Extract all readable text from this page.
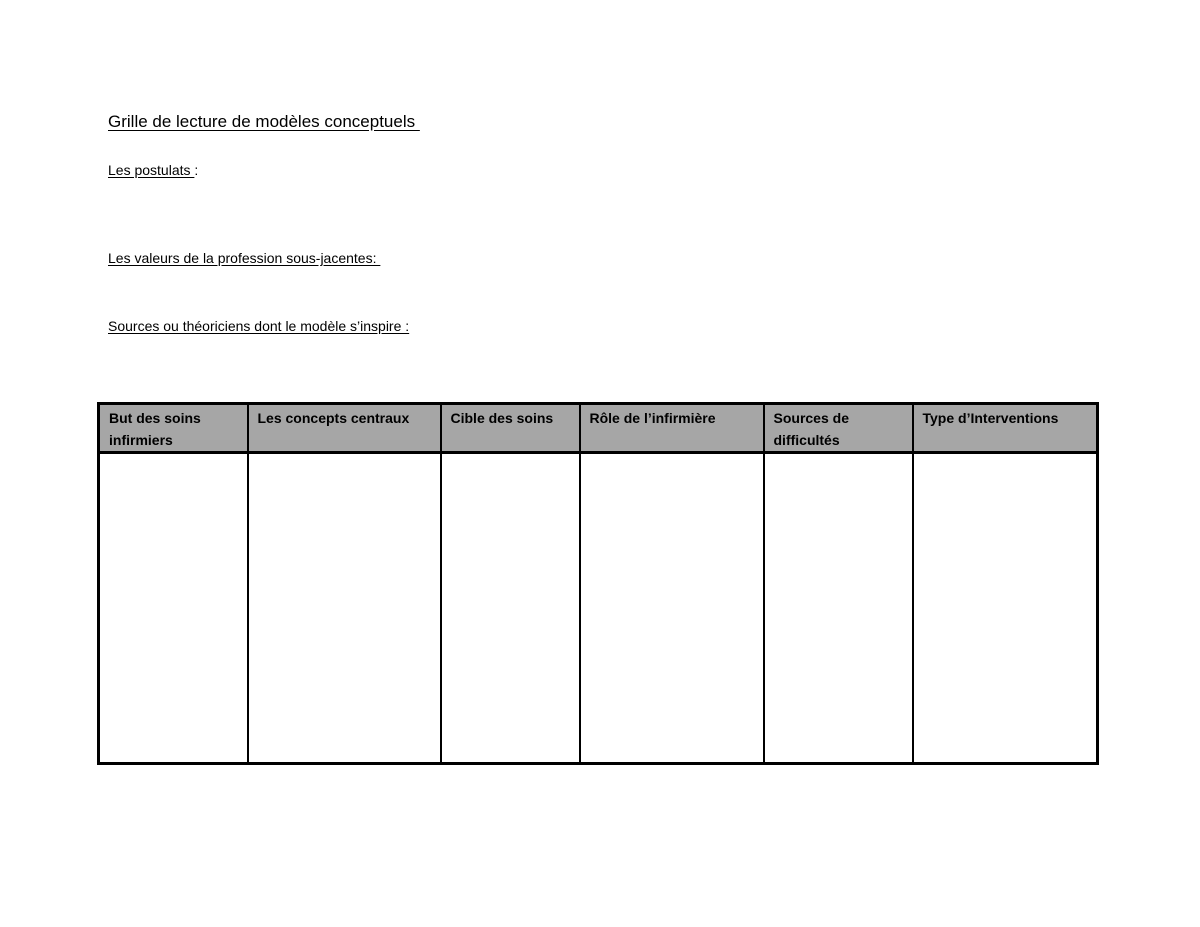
Grille de lecture de modèles conceptuels
Les postulats :
Les valeurs de la profession sous-jacentes:
Sources ou théoriciens dont le modèle s’inspire :
But des soins infirmiers	Les concepts centraux	Cible des soins	Rôle de l’infirmière	Sources de difficultés	Type d’Interventions
